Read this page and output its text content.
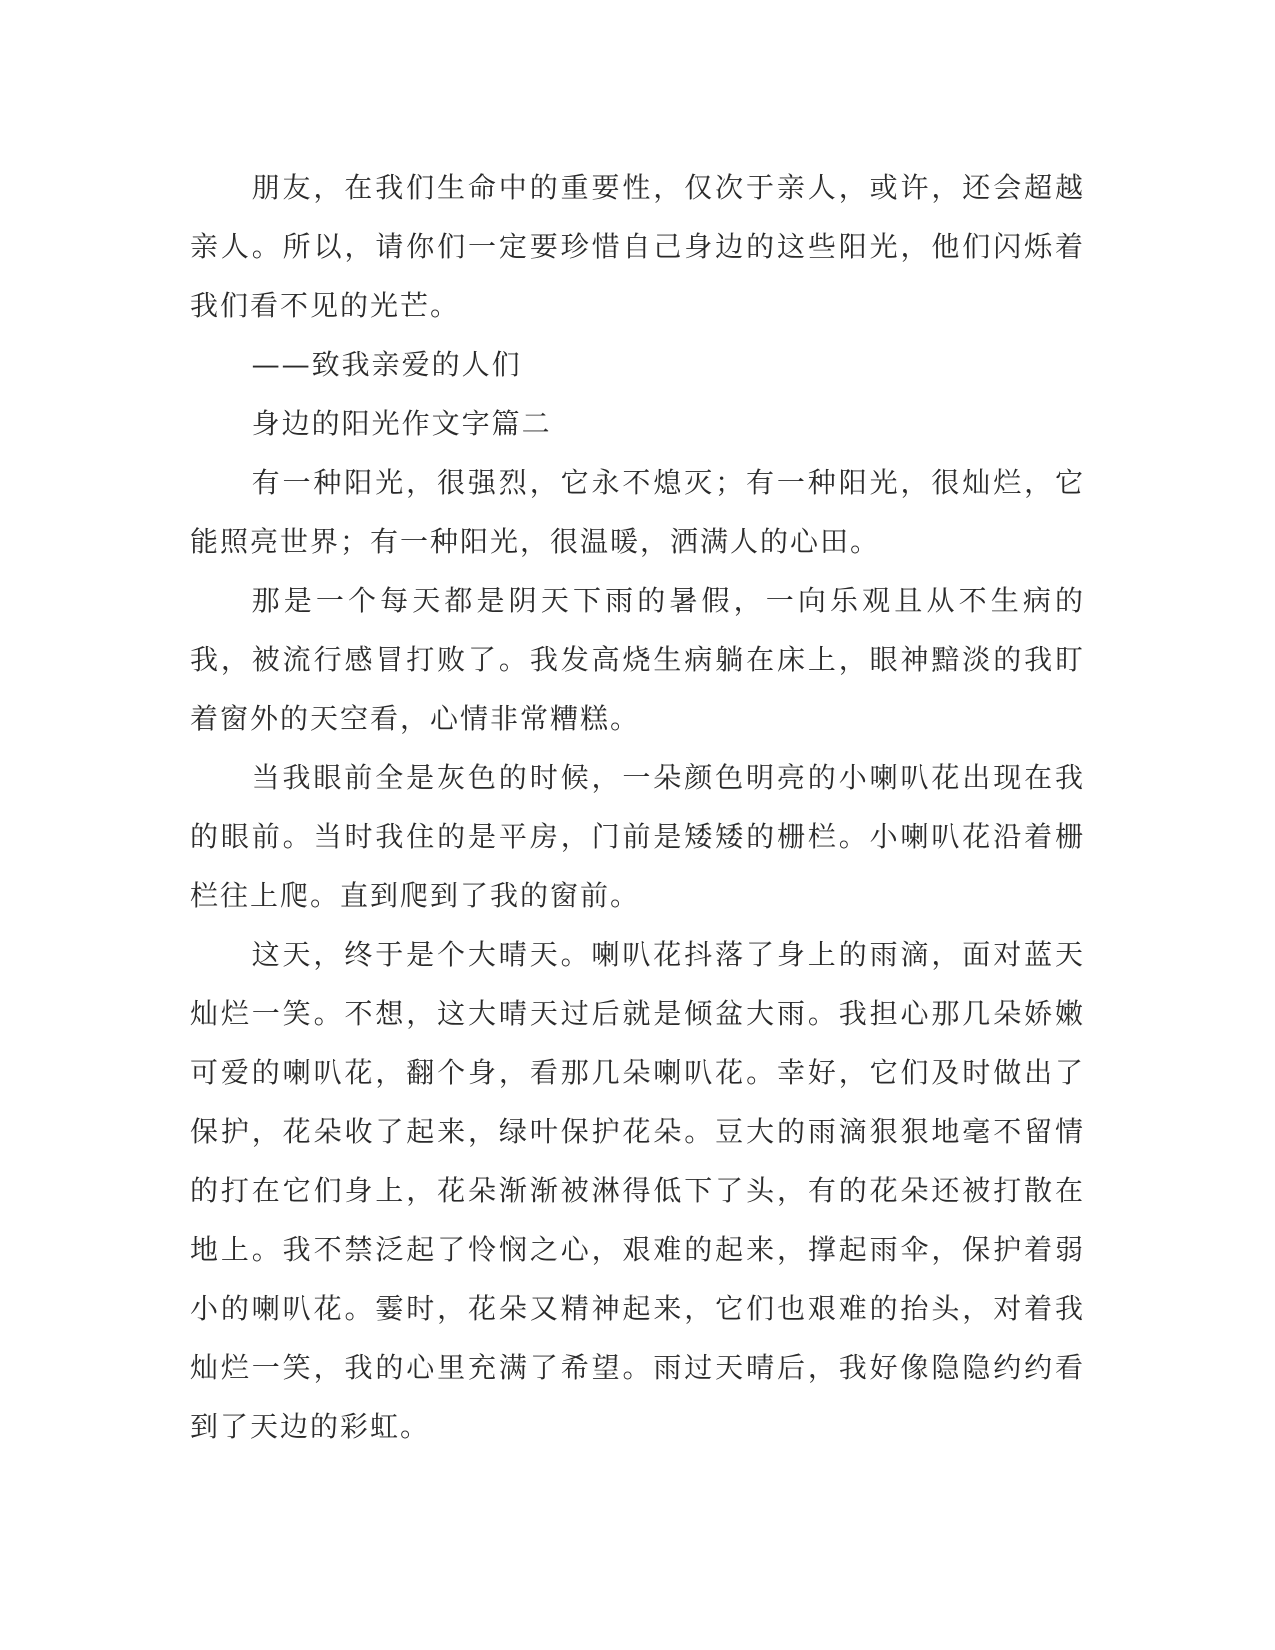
朋友，在我们生命中的重要性，仅次于亲人，或许，还会超越亲人。所以，请你们一定要珍惜自己身边的这些阳光，他们闪烁着我们看不见的光芒。

——致我亲爱的人们

身边的阳光作文字篇二

有一种阳光，很强烈，它永不熄灭；有一种阳光，很灿烂，它能照亮世界；有一种阳光，很温暖，洒满人的心田。

那是一个每天都是阴天下雨的暑假，一向乐观且从不生病的我，被流行感冒打败了。我发高烧生病躺在床上，眼神黯淡的我盯着窗外的天空看，心情非常糟糕。

当我眼前全是灰色的时候，一朵颜色明亮的小喇叭花出现在我的眼前。当时我住的是平房，门前是矮矮的栅栏。小喇叭花沿着栅栏往上爬。直到爬到了我的窗前。

这天，终于是个大晴天。喇叭花抖落了身上的雨滴，面对蓝天灿烂一笑。不想，这大晴天过后就是倾盆大雨。我担心那几朵娇嫩可爱的喇叭花，翻个身，看那几朵喇叭花。幸好，它们及时做出了保护，花朵收了起来，绿叶保护花朵。豆大的雨滴狠狠地毫不留情的打在它们身上，花朵渐渐被淋得低下了头，有的花朵还被打散在地上。我不禁泛起了怜悯之心，艰难的起来，撑起雨伞，保护着弱小的喇叭花。霎时，花朵又精神起来，它们也艰难的抬头，对着我灿烂一笑，我的心里充满了希望。雨过天晴后，我好像隐隐约约看到了天边的彩虹。
